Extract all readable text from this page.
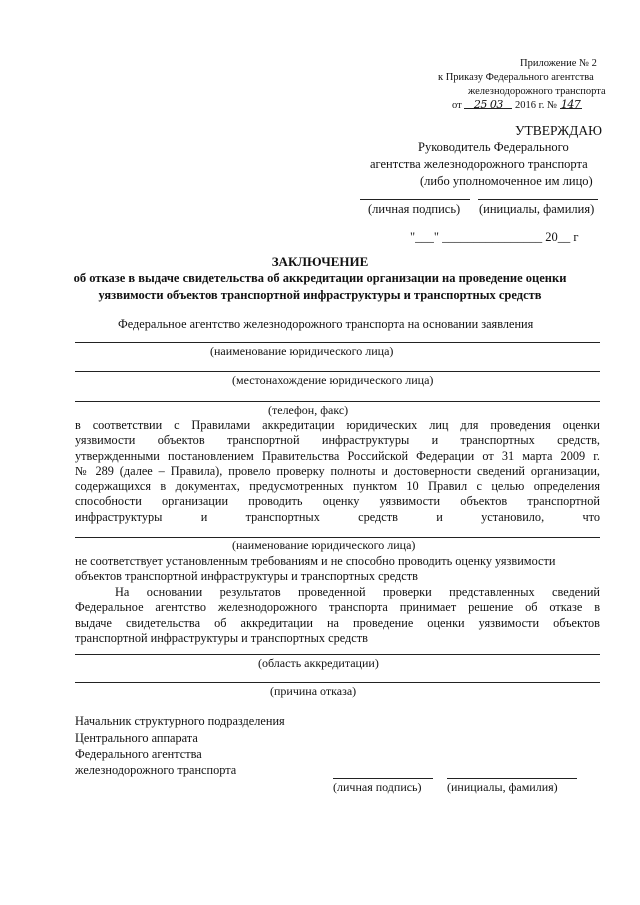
Приложение № 2
к Приказу Федерального агентства
железнодорожного транспорта
от 25 03 2016 г. № 147
УТВЕРЖДАЮ
Руководитель Федерального
агентства железнодорожного транспорта
(либо уполномоченное им лицо)
(личная подпись) (инициалы, фамилия)
"___" ________________ 20__ г
ЗАКЛЮЧЕНИЕ
об отказе в выдаче свидетельства об аккредитации организации на проведение оценки
уязвимости объектов транспортной инфраструктуры и транспортных средств
Федеральное агентство железнодорожного транспорта на основании заявления
(наименование юридического лица)
(местонахождение юридического лица)
(телефон, факс)
в соответствии с Правилами аккредитации юридических лиц для проведения оценки
уязвимости объектов транспортной инфраструктуры и транспортных средств,
утвержденными постановлением Правительства Российской Федерации от 31 марта 2009 г.
№ 289 (далее – Правила), провело проверку полноты и достоверности сведений организации,
содержащихся в документах, предусмотренных пунктом 10 Правил с целью определения
способности организации проводить оценку уязвимости объектов транспортной
инфраструктуры и транспортных средств и установило, что
(наименование юридического лица)
не соответствует установленным требованиям и не способно проводить оценку уязвимости
объектов транспортной инфраструктуры и транспортных средств
На основании результатов проведенной проверки представленных сведений
Федеральное агентство железнодорожного транспорта принимает решение об отказе в
выдаче свидетельства об аккредитации на проведение оценки уязвимости объектов
транспортной инфраструктуры и транспортных средств
(область аккредитации)
(причина отказа)
Начальник структурного подразделения
Центрального аппарата
Федерального агентства
железнодорожного транспорта
(личная подпись) (инициалы, фамилия)
